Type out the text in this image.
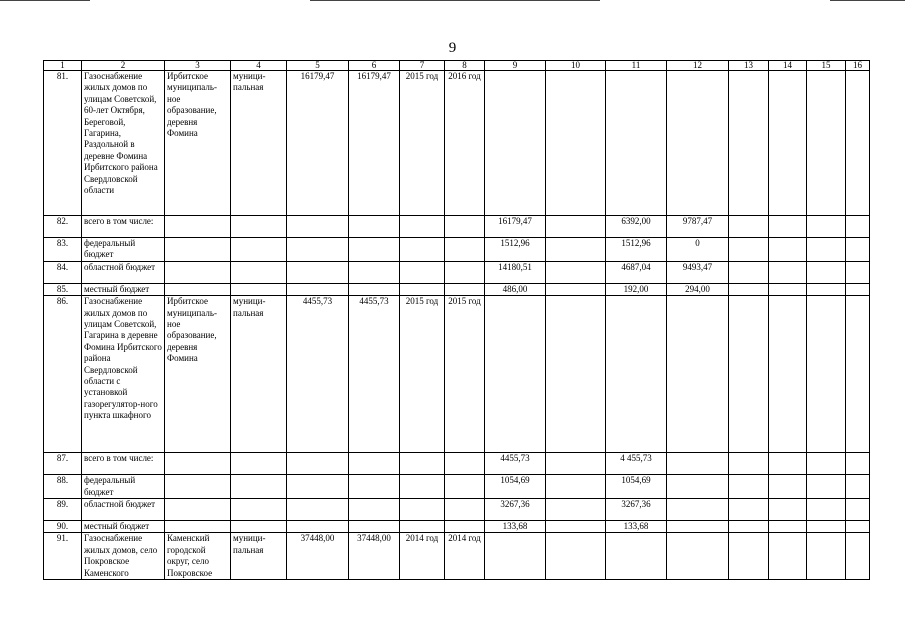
9
1	2	3	4	5	6	7	8	9	10	11	12	13	14	15	16
81.	Газоснабжение жилых домов по улицам Советской, 60-лет Октября, Береговой, Гагарина, Раздольной в деревне Фомина Ирбитского района Свердловской области	Ирбитское муниципаль-ное образование, деревня Фомина	муници-пальная	16179,47	16179,47	2015 год	2016 год								
82.	всего в том числе:							16179,47		6392,00	9787,47				
83.	федеральный бюджет							1512,96		1512,96	0				
84.	областной бюджет							14180,51		4687,04	9493,47				
85.	местный бюджет							486,00		192,00	294,00				
86.	Газоснабжение жилых домов по улицам Советской, Гагарина в деревне Фомина Ирбитского района Свердловской области с установкой газорегулятор-ного пункта шкафного	Ирбитское муниципаль-ное образование, деревня Фомина	муници-пальная	4455,73	4455,73	2015 год	2015 год								
87.	всего в том числе:							4455,73		4 455,73					
88.	федеральный бюджет							1054,69		1054,69					
89.	областной бюджет							3267,36		3267,36					
90.	местный бюджет							133,68		133,68					
91.	Газоснабжение жилых домов, село Покровское Каменского	Каменский городской округ, село Покровское	муници-пальная	37448,00	37448,00	2014 год	2014 год								
